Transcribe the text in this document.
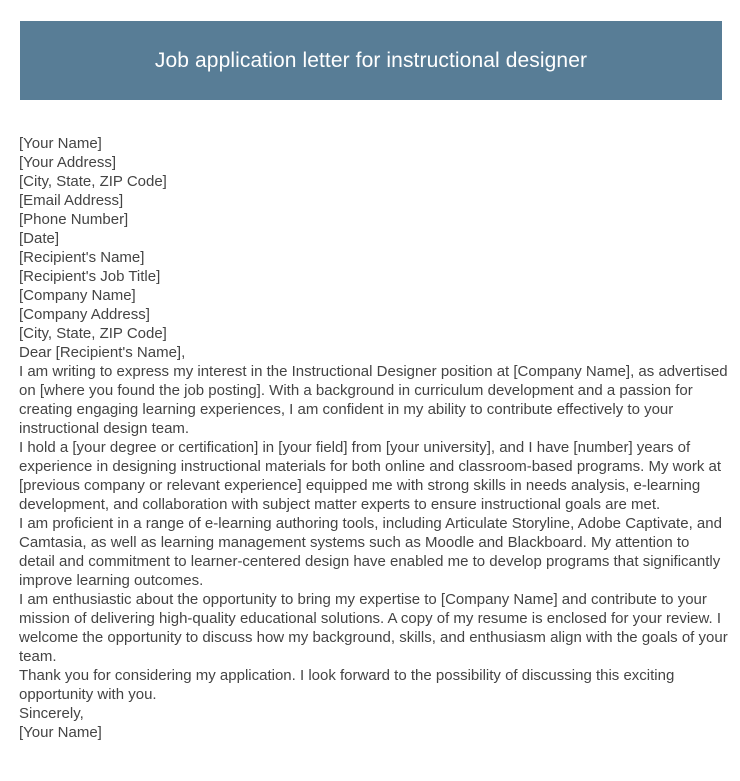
Job application letter for instructional designer
[Your Name]
[Your Address]
[City, State, ZIP Code]
[Email Address]
[Phone Number]
[Date]
[Recipient's Name]
[Recipient's Job Title]
[Company Name]
[Company Address]
[City, State, ZIP Code]
Dear [Recipient's Name],

I am writing to express my interest in the Instructional Designer position at [Company Name], as advertised on [where you found the job posting]. With a background in curriculum development and a passion for creating engaging learning experiences, I am confident in my ability to contribute effectively to your instructional design team.

I hold a [your degree or certification] in [your field] from [your university], and I have [number] years of experience in designing instructional materials for both online and classroom-based programs. My work at [previous company or relevant experience] equipped me with strong skills in needs analysis, e-learning development, and collaboration with subject matter experts to ensure instructional goals are met.

I am proficient in a range of e-learning authoring tools, including Articulate Storyline, Adobe Captivate, and Camtasia, as well as learning management systems such as Moodle and Blackboard. My attention to detail and commitment to learner-centered design have enabled me to develop programs that significantly improve learning outcomes.

I am enthusiastic about the opportunity to bring my expertise to [Company Name] and contribute to your mission of delivering high-quality educational solutions. A copy of my resume is enclosed for your review. I welcome the opportunity to discuss how my background, skills, and enthusiasm align with the goals of your team.

Thank you for considering my application. I look forward to the possibility of discussing this exciting opportunity with you.

Sincerely,
[Your Name]
